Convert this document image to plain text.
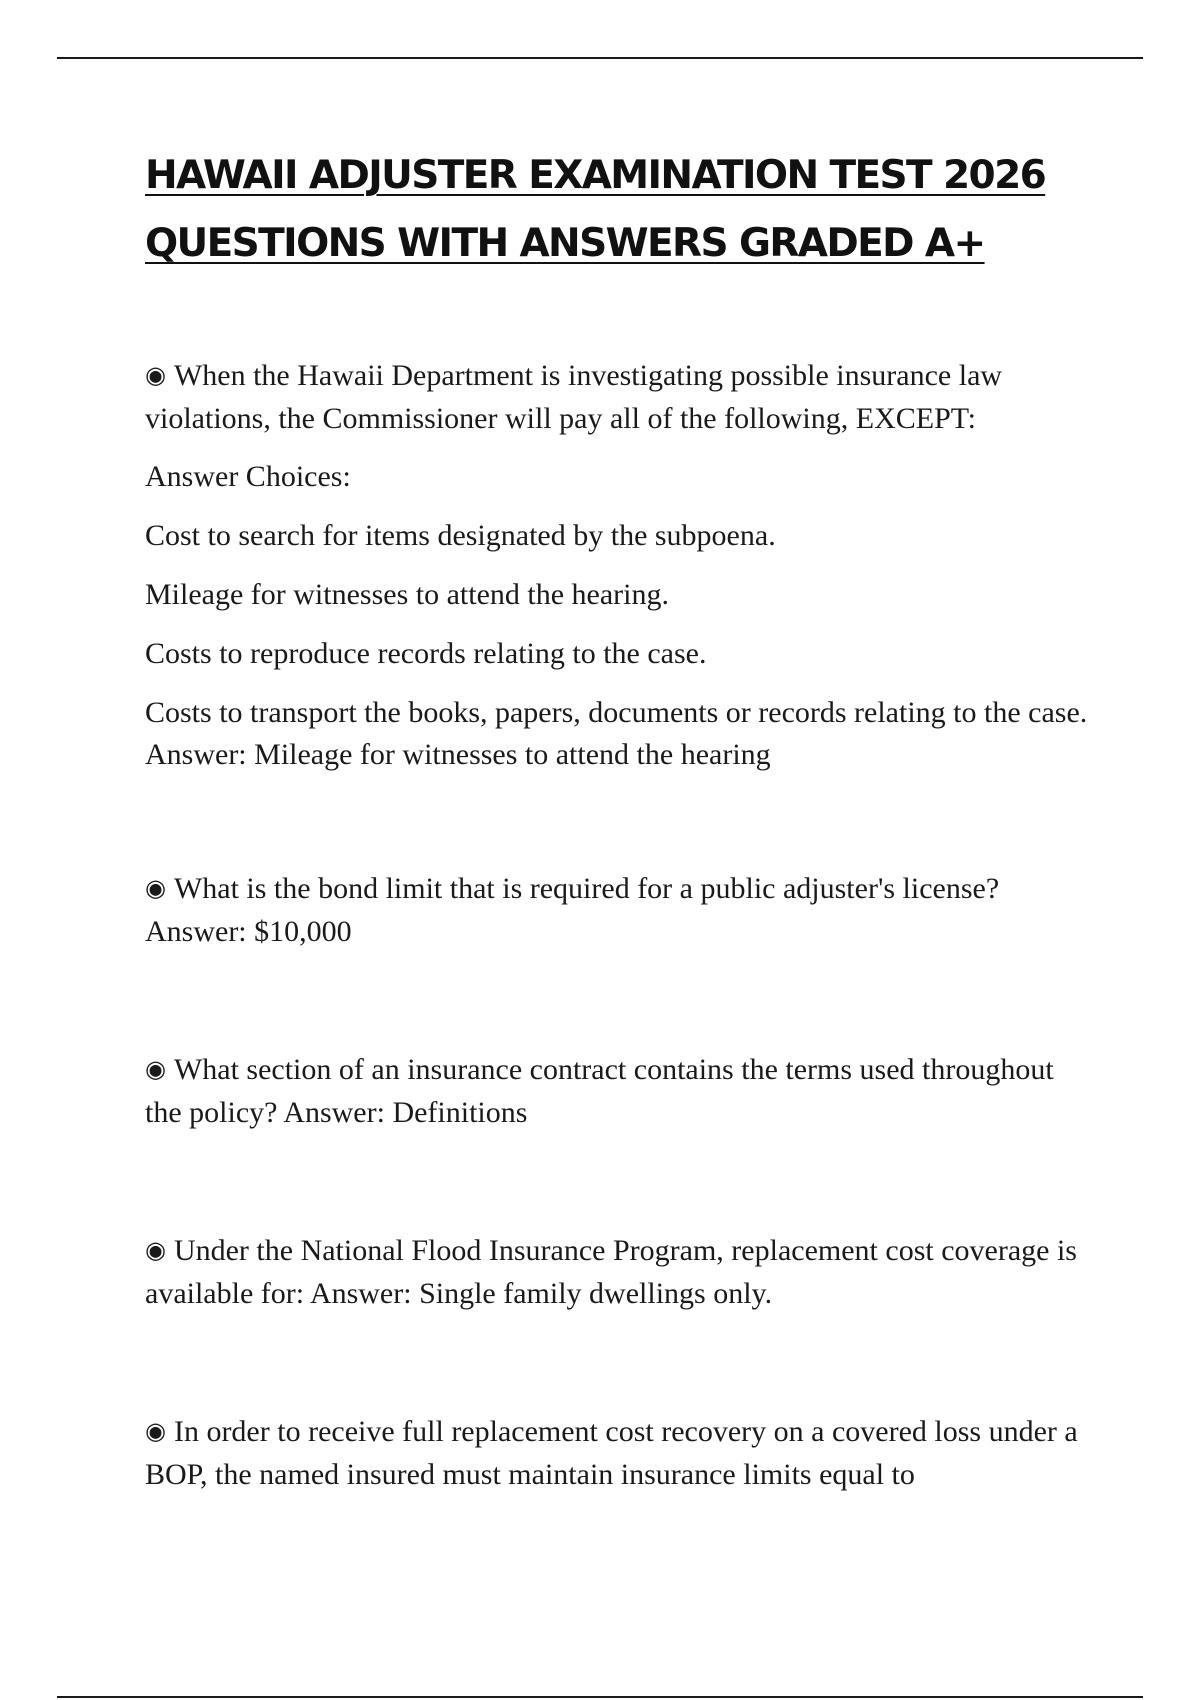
HAWAII ADJUSTER EXAMINATION TEST 2026
QUESTIONS WITH ANSWERS GRADED A+

◉ When the Hawaii Department is investigating possible insurance law violations, the Commissioner will pay all of the following, EXCEPT:

Answer Choices:

Cost to search for items designated by the subpoena.

Mileage for witnesses to attend the hearing.

Costs to reproduce records relating to the case.

Costs to transport the books, papers, documents or records relating to the case. Answer: Mileage for witnesses to attend the hearing

◉ What is the bond limit that is required for a public adjuster's license? Answer: $10,000

◉ What section of an insurance contract contains the terms used throughout the policy? Answer: Definitions

◉ Under the National Flood Insurance Program, replacement cost coverage is available for: Answer: Single family dwellings only.

◉ In order to receive full replacement cost recovery on a covered loss under a BOP, the named insured must maintain insurance limits equal to
